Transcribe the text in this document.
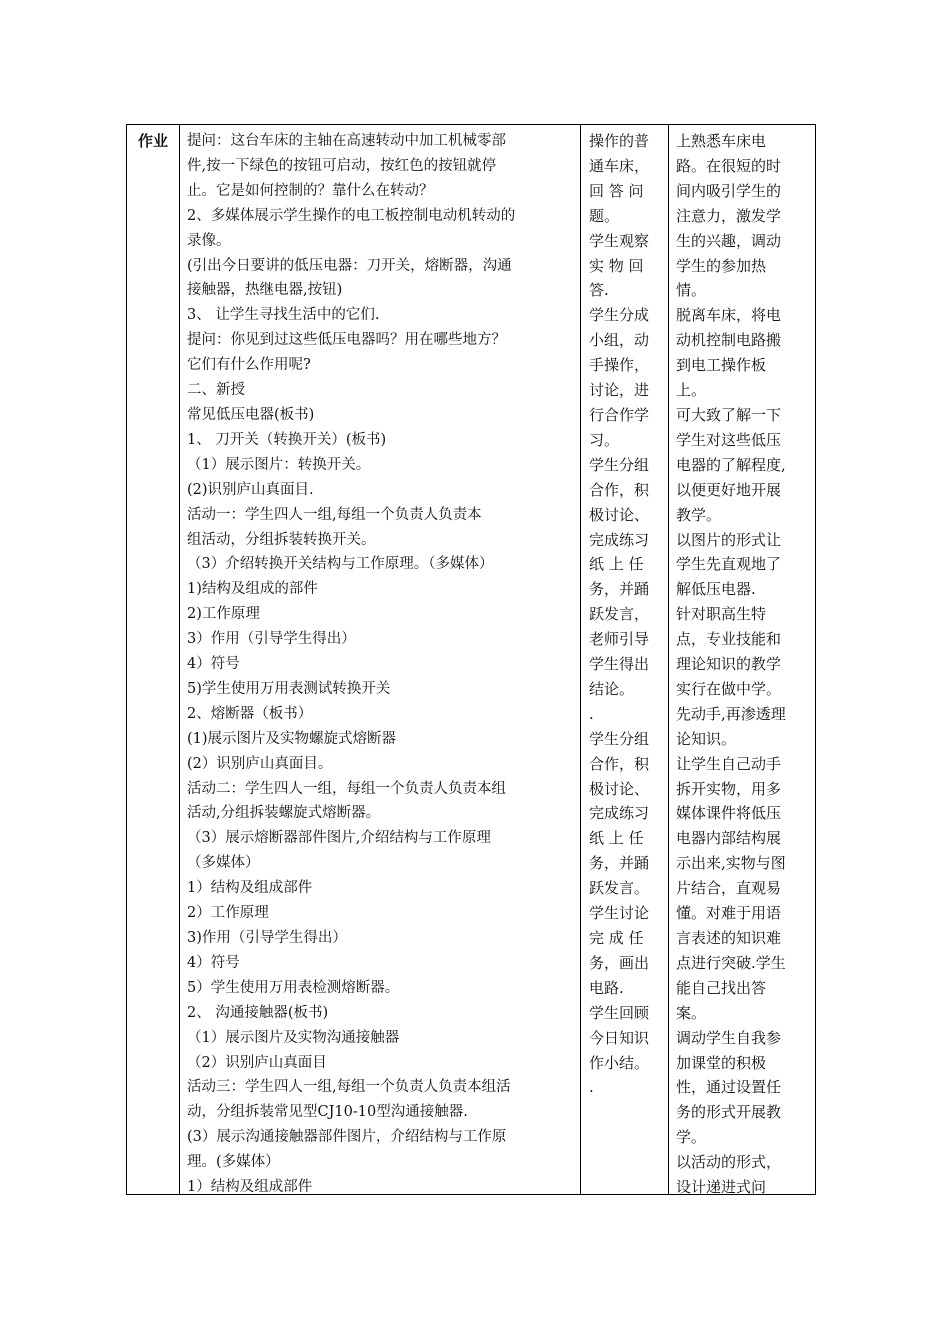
作业	提问：这台车床的主轴在高速转动中加工机械零部
件,按一下绿色的按钮可启动，按红色的按钮就停
止。它是如何控制的？靠什么在转动？
2、多媒体展示学生操作的电工板控制电动机转动的
录像。
(引出今日要讲的低压电器：刀开关，熔断器，沟通
接触器，热继电器,按钮)
3、 让学生寻找生活中的它们.
提问：你见到过这些低压电器吗？用在哪些地方？
它们有什么作用呢?
二、新授
常见低压电器(板书)
1、 刀开关（转换开关）(板书)
（1）展示图片：转换开关。
(2)识别庐山真面目.
活动一：学生四人一组,每组一个负责人负责本
组活动，分组拆装转换开关。
（3）介绍转换开关结构与工作原理。（多媒体）
1)结构及组成的部件
2)工作原理
3）作用（引导学生得出）
4）符号
5)学生使用万用表测试转换开关
2、熔断器（板书）
(1)展示图片及实物螺旋式熔断器
(2）识别庐山真面目。
活动二：学生四人一组，每组一个负责人负责本组
活动,分组拆装螺旋式熔断器。
（3）展示熔断器部件图片,介绍结构与工作原理
（多媒体）
1）结构及组成部件
2）工作原理
3)作用（引导学生得出）
4）符号
5）学生使用万用表检测熔断器。
2、 沟通接触器(板书)
（1）展示图片及实物沟通接触器
（2）识别庐山真面目
活动三：学生四人一组,每组一个负责人负责本组活
动，分组拆装常见型CJ10-10型沟通接触器.
(3）展示沟通接触器部件图片，介绍结构与工作原
理。(多媒体）
1）结构及组成部件
操作的普
通车床，
回 答 问
题。
学生观察
实 物 回
答.
学生分成
小组，动
手操作，
讨论，进
行合作学
习。
学生分组
合作，积
极讨论、
完成练习
纸 上 任
务，并踊
跃发言，
老师引导
学生得出
结论。
.
学生分组
合作，积
极讨论、
完成练习
纸 上 任
务，并踊
跃发言。
学生讨论
完 成 任
务，画出
电路.
学生回顾
今日知识
作小结。
.
上熟悉车床电
路。在很短的时
间内吸引学生的
注意力，激发学
生的兴趣，调动
学生的参加热
情。
脱离车床，将电
动机控制电路搬
到电工操作板
上。
可大致了解一下
学生对这些低压
电器的了解程度,
以便更好地开展
教学。
以图片的形式让
学生先直观地了
解低压电器.
针对职高生特
点，专业技能和
理论知识的教学
实行在做中学。
先动手,再渗透理
论知识。
让学生自己动手
拆开实物，用多
媒体课件将低压
电器内部结构展
示出来,实物与图
片结合，直观易
懂。对难于用语
言表述的知识难
点进行突破.学生
能自己找出答
案。
调动学生自我参
加课堂的积极
性，通过设置任
务的形式开展教
学。
以活动的形式，
设计递进式问
